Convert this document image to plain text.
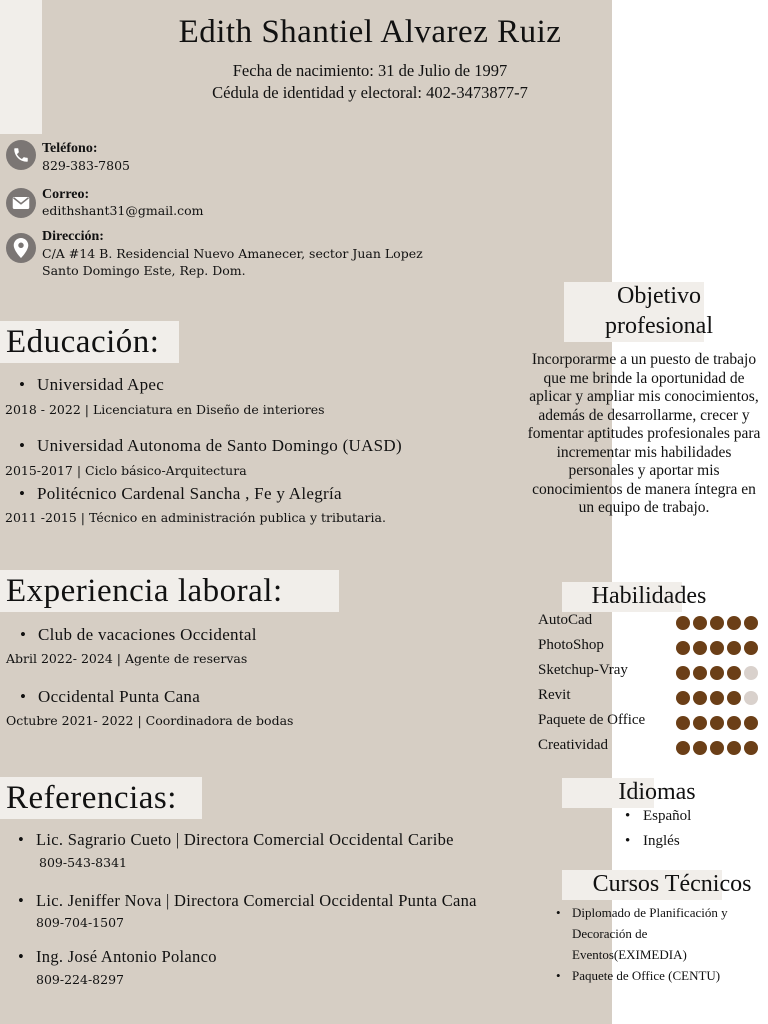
Edith Shantiel Alvarez Ruiz
Fecha de nacimiento: 31 de Julio de 1997
Cédula de identidad y electoral: 402-3473877-7
Teléfono:
829-383-7805
Correo:
edithshant31@gmail.com
Dirección:
C/A #14 B. Residencial Nuevo Amanecer, sector Juan Lopez
Santo Domingo Este, Rep. Dom.
Educación:
• Universidad Apec
2018 - 2022 | Licenciatura en Diseño de interiores
• Universidad Autonoma de Santo Domingo (UASD)
2015-2017 | Ciclo básico-Arquitectura
• Politécnico Cardenal Sancha , Fe y Alegría
2011 -2015 | Técnico en administración publica y tributaria.
Experiencia laboral:
• Club de vacaciones Occidental
Abril 2022- 2024 | Agente de reservas
• Occidental Punta Cana
Octubre 2021- 2022 | Coordinadora de bodas
Referencias:
• Lic. Sagrario Cueto | Directora Comercial Occidental Caribe
809-543-8341
• Lic. Jeniffer Nova | Directora Comercial Occidental Punta Cana
809-704-1507
• Ing. José Antonio Polanco
809-224-8297
Objetivo
profesional
Incorporarme a un puesto de trabajo que me brinde la oportunidad de aplicar y ampliar mis conocimientos, además de desarrollarme, crecer y fomentar aptitudes profesionales para incrementar mis habilidades personales y aportar mis conocimientos de manera íntegra en un equipo de trabajo.
Habilidades
AutoCad
PhotoShop
Sketchup-Vray
Revit
Paquete de Office
Creatividad
Idiomas
• Español
• Inglés
Cursos Técnicos
• Diplomado de Planificación y Decoración de Eventos(EXIMEDIA)
• Paquete de Office (CENTU)
